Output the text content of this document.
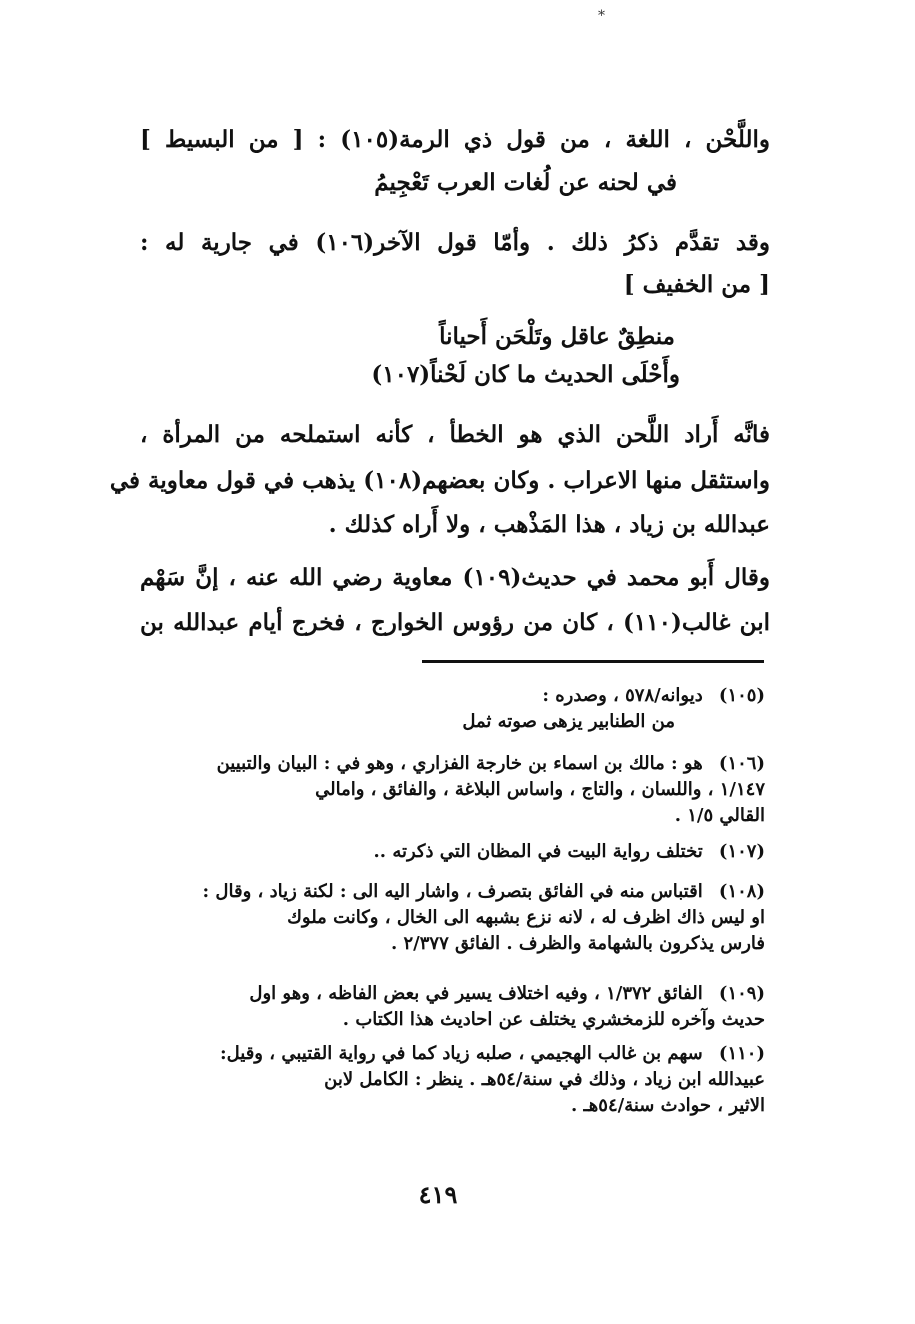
*
واللَّحْن ، اللغة ، من قول ذي الرمة(١٠٥) : [ من البسيط ]
في لحنه عن لُغات العرب تَعْجِيمُ
وقد تقدَّم ذكرُ ذلك . وأمّا قول الآخر(١٠٦) في جارية له :
[ من الخفيف ]
منطِقٌ عاقل وتَلْحَن أَحياناً
وأَحْلَى الحديث ما كان لَحْناً(١٠٧)
فانَّه أَراد اللَّحن الذي هو الخطأ ، كأنه استملحه من المرأة ،
واستثقل منها الاعراب . وكان بعضهم(١٠٨) يذهب في قول معاوية في
عبدالله بن زياد ، هذا المَذْهب ، ولا أَراه كذلك .
وقال أَبو محمد في حديث(١٠٩) معاوية رضي الله عنه ، إنَّ سَهْم
ابن غالب(١١٠) ، كان من رؤوس الخوارج ، فخرج أيام عبدالله بن
(١٠٥) ديوانه/٥٧٨ ، وصدره :
من الطنابير يزهى صوته ثمل
(١٠٦) هو : مالك بن اسماء بن خارجة الفزاري ، وهو في : البيان والتبيين
١/١٤٧ ، واللسان ، والتاج ، واساس البلاغة ، والفائق ، وامالي
القالي ١/٥ .
(١٠٧) تختلف رواية البيت في المظان التي ذكرته ..
(١٠٨) اقتباس منه في الفائق بتصرف ، واشار اليه الى : لكنة زياد ، وقال :
او ليس ذاك اظرف له ، لانه نزع بشبهه الى الخال ، وكانت ملوك
فارس يذكرون بالشهامة والظرف . الفائق ٢/٣٧٧ .
(١٠٩) الفائق ١/٣٧٢ ، وفيه اختلاف يسير في بعض الفاظه ، وهو اول
حديث وآخره للزمخشري يختلف عن احاديث هذا الكتاب .
(١١٠) سهم بن غالب الهجيمي ، صلبه زياد كما في رواية القتيبي ، وقيل:
عبيدالله ابن زياد ، وذلك في سنة/٥٤هـ . ينظر : الكامل لابن
الاثير ، حوادث سنة/٥٤هـ .
٤١٩
